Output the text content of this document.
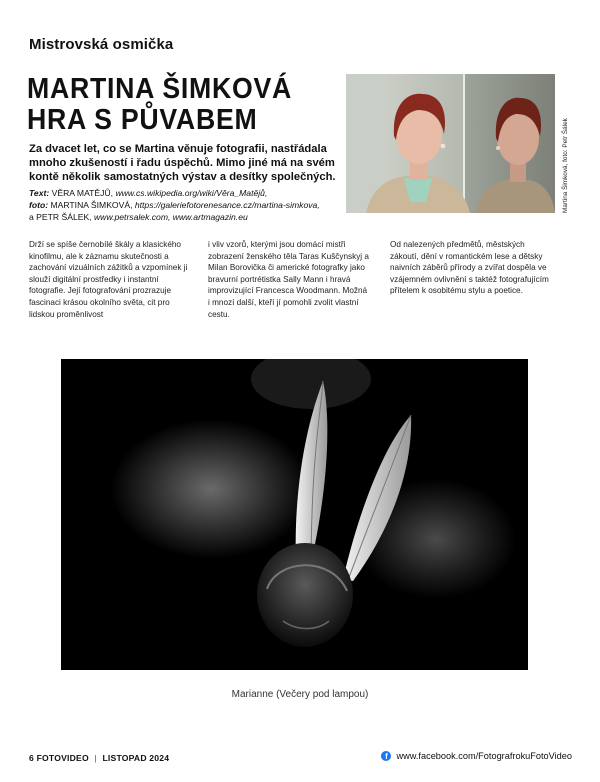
Mistrovská osmička
MARTINA ŠIMKOVÁ
HRA S PŮVABEM
Za dvacet let, co se Martina věnuje fotografii, nastřádala mnoho zkušeností i řadu úspěchů. Mimo jiné má na svém kontě několik samostatných výstav a desítky společných.
Text: VĚRA MATĚJŮ, www.cs.wikipedia.org/wiki/Věra_Matějů,
foto: MARTINA ŠIMKOVÁ, https://galeriefotorenesance.cz/martina-simkova,
a PETR ŠÁLEK, www.petrsalek.com, www.artmagazin.eu
Martina Šimková, foto: Petr Šálek
Drží se spíše černobílé škály a klasického kinofilmu, ale k záznamu skutečnosti a zachování vizuálních zážitků a vzpomínek ji slouží digitální prostředky i instantní fotografie. Její fotografování prozrazuje fascinaci krásou okolního světa, cit pro lidskou proměnlivost
i vliv vzorů, kterými jsou domácí mistři zobrazení ženského těla Taras Kuščynskyj a Milan Borovička či americké fotografky jako bravurní portrétistka Sally Mann i hravá improvizující Francesca Woodmann. Možná i mnozí další, kteří jí pomohli zvolit vlastní cestu.
Od nalezených předmětů, městských zákoutí, dění v romantickém lese a dětsky naivních záběrů přírody a zvířat dospěla ve vzájemném ovlivnění s taktéž fotografujícím přítelem k osobitému stylu a poetice.
Marianne (Večery pod lampou)
6 FOTOVIDEO | LISTOPAD 2024	f www.facebook.com/FotografrokuFotoVideo
